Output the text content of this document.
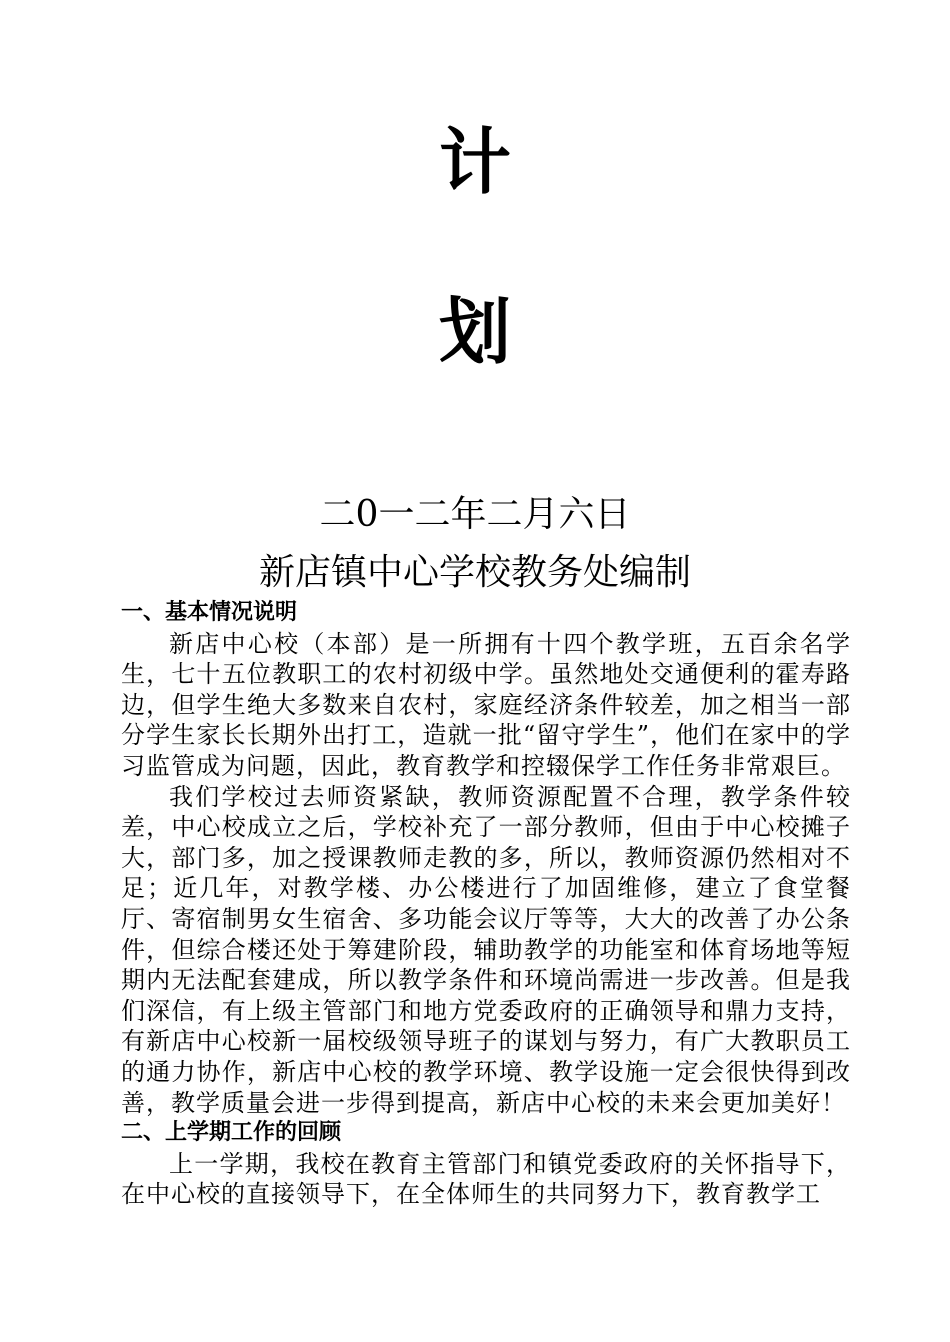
计
划
二0一二年二月六日
新店镇中心学校教务处编制

一、基本情况说明

新店中心校（本部）是一所拥有十四个教学班，五百余名学生，七十五位教职工的农村初级中学。虽然地处交通便利的霍寿路边，但学生绝大多数来自农村，家庭经济条件较差，加之相当一部分学生家长长期外出打工，造就一批“留守学生”，他们在家中的学习监管成为问题，因此，教育教学和控辍保学工作任务非常艰巨。

我们学校过去师资紧缺，教师资源配置不合理，教学条件较差，中心校成立之后，学校补充了一部分教师，但由于中心校摊子大，部门多，加之授课教师走教的多，所以，教师资源仍然相对不足；近几年，对教学楼、办公楼进行了加固维修，建立了食堂餐厅、寄宿制男女生宿舍、多功能会议厅等等，大大的改善了办公条件，但综合楼还处于筹建阶段，辅助教学的功能室和体育场地等短期内无法配套建成，所以教学条件和环境尚需进一步改善。但是我们深信，有上级主管部门和地方党委政府的正确领导和鼎力支持，有新店中心校新一届校级领导班子的谋划与努力，有广大教职员工的通力协作，新店中心校的教学环境、教学设施一定会很快得到改善，教学质量会进一步得到提高，新店中心校的未来会更加美好！

二、上学期工作的回顾

上一学期，我校在教育主管部门和镇党委政府的关怀指导下，在中心校的直接领导下，在全体师生的共同努力下，教育教学工
